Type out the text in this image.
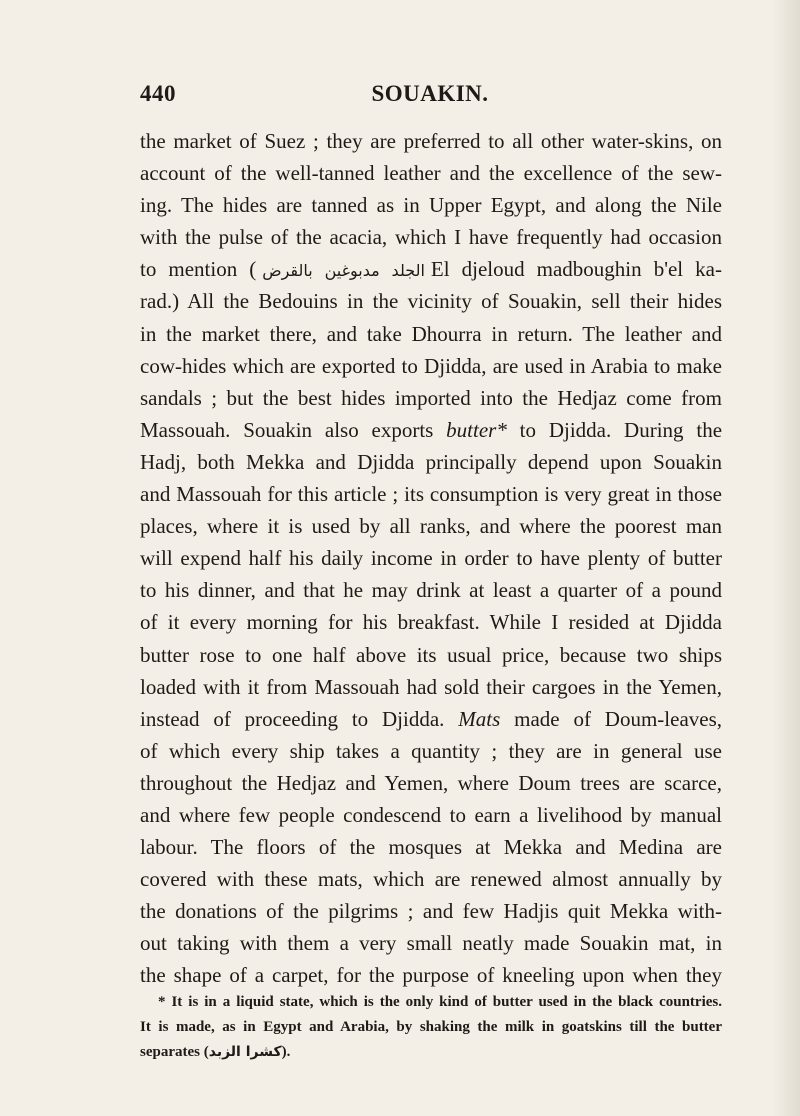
440	SOUAKIN.
the market of Suez ; they are preferred to all other water-skins, on
account of the well-tanned leather and the excellence of the sew-
ing. The hides are tanned as in Upper Egypt, and along the Nile
with the pulse of the acacia, which I have frequently had occasion
to mention ( الجلد مدبوغين بالقرض El djeloud madboughin b'el ka-
rad.) All the Bedouins in the vicinity of Souakin, sell their hides
in the market there, and take Dhourra in return. The leather and
cow-hides which are exported to Djidda, are used in Arabia to make
sandals ; but the best hides imported into the Hedjaz come from
Massouah. Souakin also exports butter* to Djidda. During the
Hadj, both Mekka and Djidda principally depend upon Souakin
and Massouah for this article ; its consumption is very great in those
places, where it is used by all ranks, and where the poorest man
will expend half his daily income in order to have plenty of butter
to his dinner, and that he may drink at least a quarter of a pound
of it every morning for his breakfast. While I resided at Djidda
butter rose to one half above its usual price, because two ships
loaded with it from Massouah had sold their cargoes in the Yemen,
instead of proceeding to Djidda. Mats made of Doum-leaves,
of which every ship takes a quantity ; they are in general use
throughout the Hedjaz and Yemen, where Doum trees are scarce,
and where few people condescend to earn a livelihood by manual
labour. The floors of the mosques at Mekka and Medina are
covered with these mats, which are renewed almost annually by
the donations of the pilgrims ; and few Hadjis quit Mekka with-
out taking with them a very small neatly made Souakin mat, in
the shape of a carpet, for the purpose of kneeling upon when they
* It is in a liquid state, which is the only kind of butter used in the black countries.
It is made, as in Egypt and Arabia, by shaking the milk in goatskins till the butter
separates (كشرا الزبد).
